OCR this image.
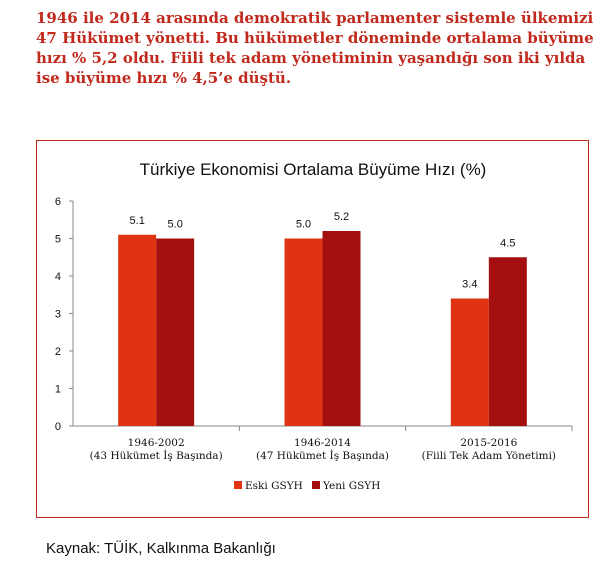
1946 ile 2014 arasında demokratik parlamenter sistemle ülkemizi 47 Hükümet yönetti. Bu hükümetler döneminde ortalama büyüme hızı % 5,2 oldu. Fiili tek adam yönetiminin yaşandığı son iki yılda ise büyüme hızı % 4,5’e düştü.

Türkiye Ekonomisi Ortalama Büyüme Hızı (%)
0
1
2
3
4
5
6
5.1 5.0
1946-2002
(43 Hükümet İş Başında)
5.0
5.2
1946-2014
(47 Hükümet İş Başında)
3.4
4.5
2015-2016
(Fiili Tek Adam Yönetimi)
Eski GSYH Yeni GSYH

Kaynak: TÜİK, Kalkınma Bakanlığı
